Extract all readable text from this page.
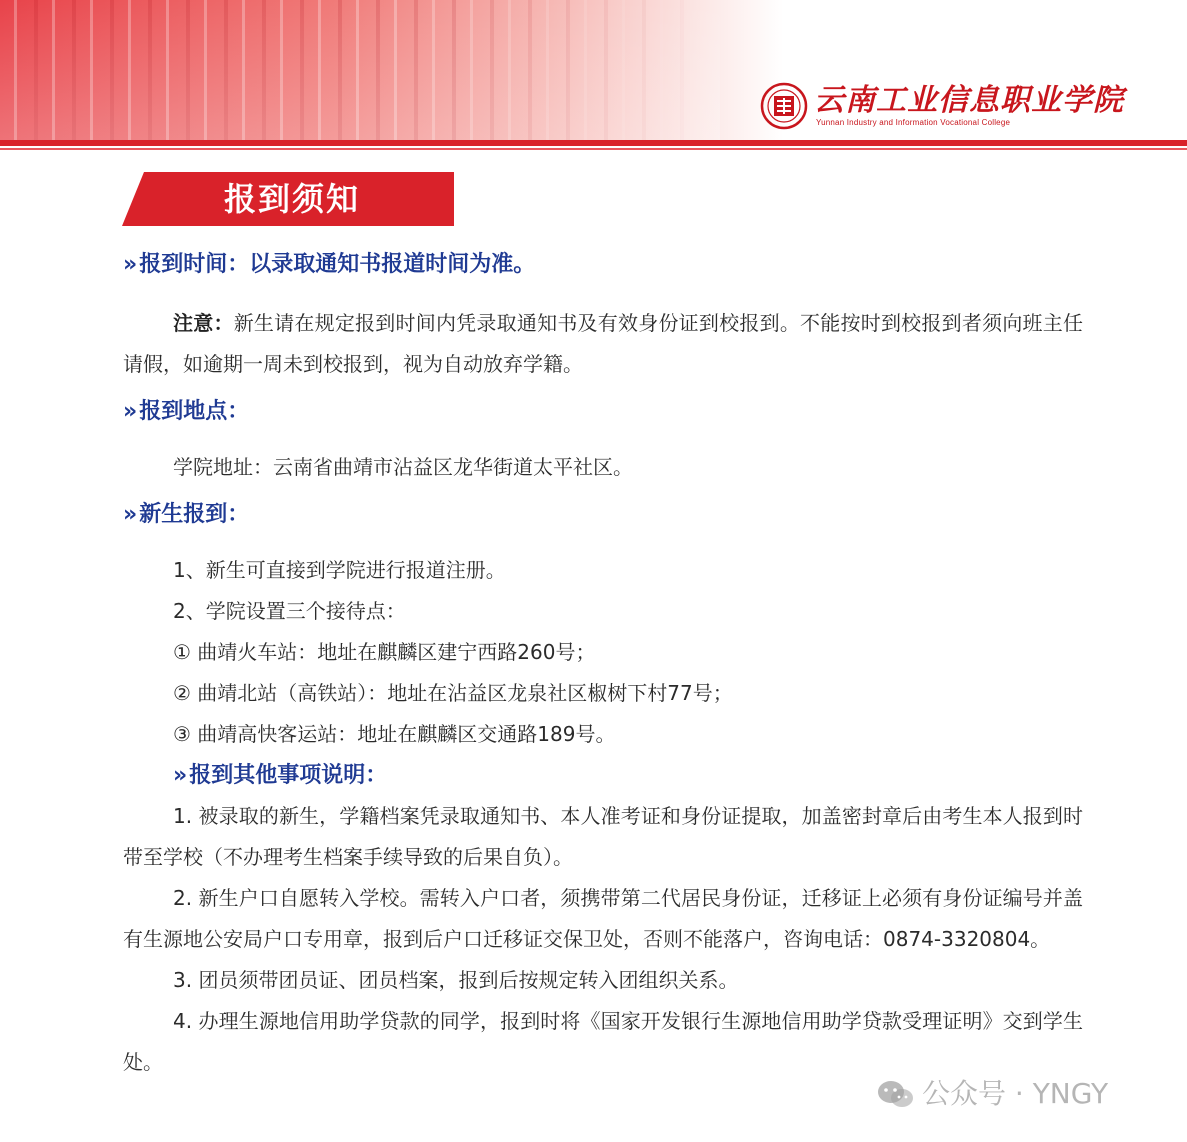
云南工业信息职业学院
Yunnan Industry and Information Vocational College
报到须知
» 报到时间：以录取通知书报道时间为准。
注意：新生请在规定报到时间内凭录取通知书及有效身份证到校报到。不能按时到校报到者须向班主任请假，如逾期一周未到校报到，视为自动放弃学籍。
» 报到地点：
学院地址：云南省曲靖市沾益区龙华街道太平社区。
» 新生报到：
1、新生可直接到学院进行报道注册。
2、学院设置三个接待点：
① 曲靖火车站：地址在麒麟区建宁西路260号；
② 曲靖北站（高铁站）：地址在沾益区龙泉社区椒树下村77号；
③ 曲靖高快客运站：地址在麒麟区交通路189号。
» 报到其他事项说明：
1. 被录取的新生，学籍档案凭录取通知书、本人准考证和身份证提取，加盖密封章后由考生本人报到时带至学校（不办理考生档案手续导致的后果自负）。
2. 新生户口自愿转入学校。需转入户口者，须携带第二代居民身份证，迁移证上必须有身份证编号并盖有生源地公安局户口专用章，报到后户口迁移证交保卫处，否则不能落户，咨询电话：0874-3320804。
3. 团员须带团员证、团员档案，报到后按规定转入团组织关系。
4. 办理生源地信用助学贷款的同学，报到时将《国家开发银行生源地信用助学贷款受理证明》交到学生处。
公众号 · YNGY
